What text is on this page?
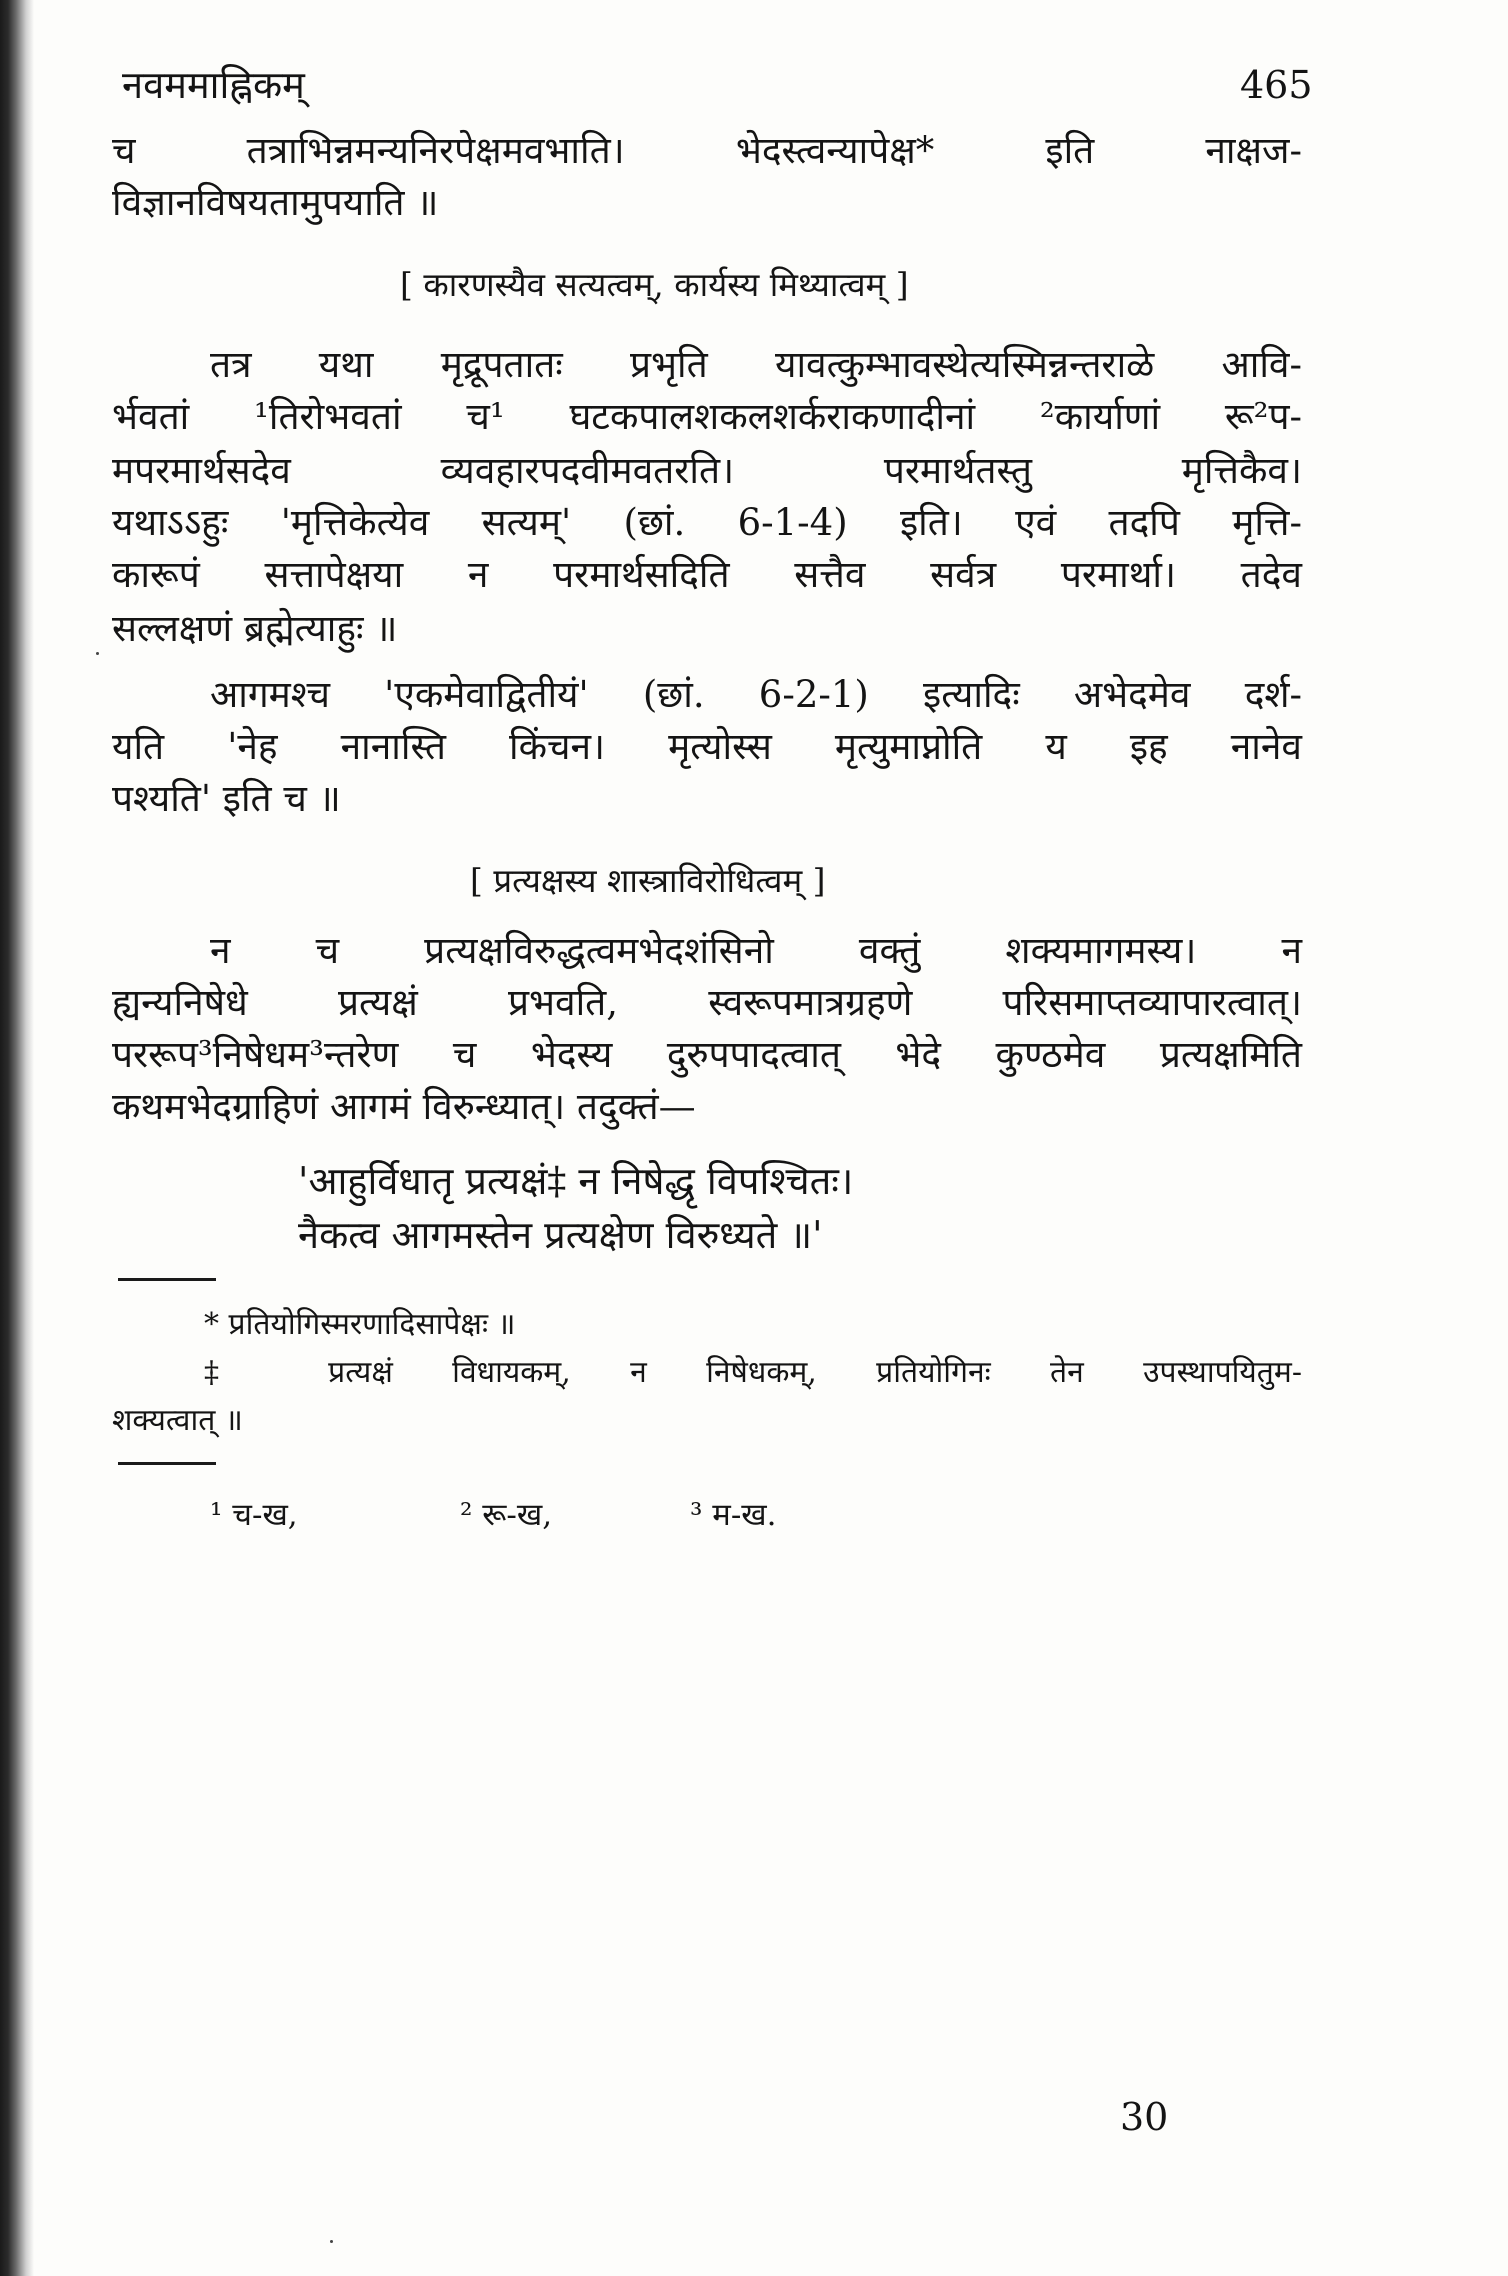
नवममाह्निकम्	465
च तत्राभिन्नमन्यनिरपेक्षमवभाति। भेदस्त्वन्यापेक्ष* इति नाक्षज-
विज्ञानविषयतामुपयाति ॥
[ कारणस्यैव सत्यत्वम्, कार्यस्य मिथ्यात्वम् ]
तत्र यथा मृद्रूपतातः प्रभृति यावत्कुम्भावस्थेत्यस्मिन्नन्तराळे आवि-
र्भवतां ¹तिरोभवतां च¹ घटकपालशकलशर्कराकणादीनां ²कार्याणां रू²प-
मपरमार्थसदेव व्यवहारपदवीमवतरति। परमार्थतस्तु मृत्तिकैव।
यथाऽऽहुः 'मृत्तिकेत्येव सत्यम्' (छां. 6-1-4) इति। एवं तदपि मृत्ति-
कारूपं सत्तापेक्षया न परमार्थसदिति सत्तैव सर्वत्र परमार्था। तदेव
सल्लक्षणं ब्रह्मेत्याहुः ॥
आगमश्च 'एकमेवाद्वितीयं' (छां. 6-2-1) इत्यादिः अभेदमेव दर्श-
यति 'नेह नानास्ति किंचन। मृत्योस्स मृत्युमाप्नोति य इह नानेव
पश्यति' इति च ॥
[ प्रत्यक्षस्य शास्त्राविरोधित्वम् ]
न च प्रत्यक्षविरुद्धत्वमभेदशंसिनो वक्तुं शक्यमागमस्य। न
ह्यन्यनिषेधे प्रत्यक्षं प्रभवति, स्वरूपमात्रग्रहणे परिसमाप्तव्यापारत्वात्।
पररूप³निषेधम³न्तरेण च भेदस्य दुरुपपादत्वात् भेदे कुण्ठमेव प्रत्यक्षमिति
कथमभेदग्राहिणं आगमं विरुन्ध्यात्। तदुक्तं—
'आहुर्विधातृ प्रत्यक्षं‡ न निषेद्धृ विपश्चितः।
नैकत्व आगमस्तेन प्रत्यक्षेण विरुध्यते ॥'
* प्रतियोगिस्मरणादिसापेक्षः ॥
‡ प्रत्यक्षं विधायकम्, न निषेधकम्, प्रतियोगिनः तेन उपस्थापयितुम-
शक्यत्वात् ॥
¹ च-ख,	² रू-ख,	³ म-ख.
30
